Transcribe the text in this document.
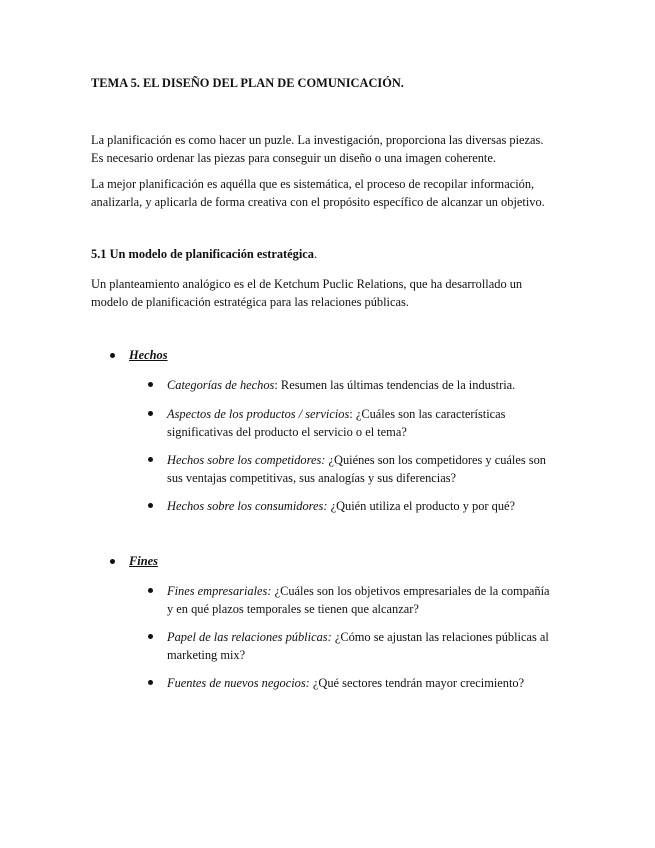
TEMA 5. EL DISEÑO DEL PLAN DE COMUNICACIÓN.

La planificación es como hacer un puzle. La investigación, proporciona las diversas piezas.
Es necesario ordenar las piezas para conseguir un diseño o una imagen coherente.

La mejor planificación es aquélla que es sistemática, el proceso de recopilar información,
analizarla, y aplicarla de forma creativa con el propósito específico de alcanzar un objetivo.

5.1 Un modelo de planificación estratégica.

Un planteamiento analógico es el de Ketchum Puclic Relations, que ha desarrollado un
modelo de planificación estratégica para las relaciones públicas.

Hechos
Categorías de hechos: Resumen las últimas tendencias de la industria.
Aspectos de los productos / servicios: ¿Cuáles son las características
significativas del producto el servicio o el tema?
Hechos sobre los competidores: ¿Quiénes son los competidores y cuáles son
sus ventajas competitivas, sus analogías y sus diferencias?
Hechos sobre los consumidores: ¿Quién utiliza el producto y por qué?
Fines
Fines empresariales: ¿Cuáles son los objetivos empresariales de la compañía
y en qué plazos temporales se tienen que alcanzar?
Papel de las relaciones públicas: ¿Cómo se ajustan las relaciones públicas al
marketing mix?
Fuentes de nuevos negocios: ¿Qué sectores tendrán mayor crecimiento?
